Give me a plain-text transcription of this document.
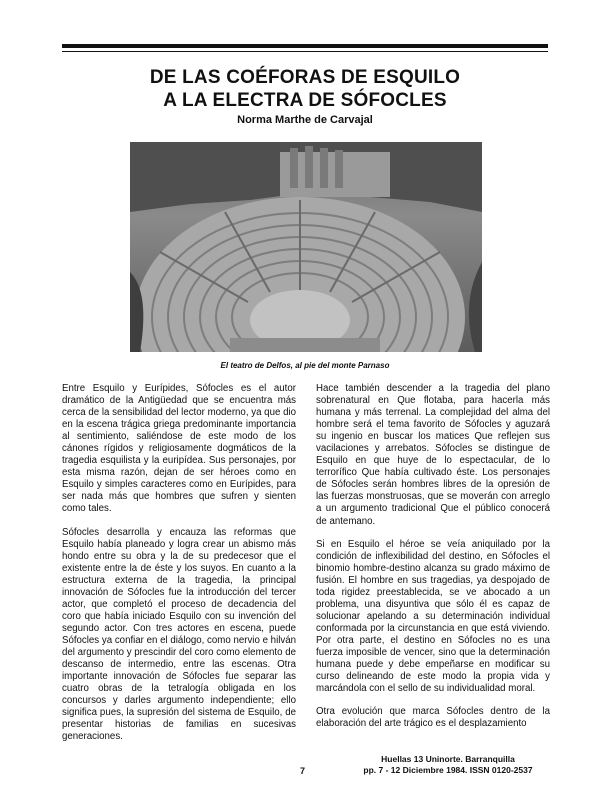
DE LAS COÉFORAS DE ESQUILO
A LA ELECTRA DE SÓFOCLES

Norma Marthe de Carvajal

El teatro de Delfos, al pie del monte Parnaso

Entre Esquilo y Eurípides, Sófocles es el autor dramático de la Antigüedad que se encuentra más cerca de la sensibilidad del lector moderno, ya que dio en la escena trágica griega predominante importancia al sentimiento, saliéndose de este modo de los cánones rígidos y religiosamente dogmáticos de la tragedia esquilista y la euripídea. Sus personajes, por esta misma razón, dejan de ser héroes como en Esquilo y simples caracteres como en Eurípides, para ser nada más que hombres que sufren y sienten como tales.

Sófocles desarrolla y encauza las reformas que Esquilo había planeado y logra crear un abismo más hondo entre su obra y la de su predecesor que el existente entre la de éste y los suyos. En cuanto a la estructura externa de la tragedia, la principal innovación de Sófocles fue la introducción del tercer actor, que completó el proceso de decadencia del coro que había iniciado Esquilo con su invención del segundo actor. Con tres actores en escena, puede Sófocles ya confiar en el diálogo, como nervio e hilván del argumento y prescindir del coro como elemento de descanso de intermedio, entre las escenas. Otra importante innovación de Sófocles fue separar las cuatro obras de la tetralogía obligada en los concursos y darles argumento independiente; ello significa pues, la supresión del sistema de Esquilo, de presentar historias de familias en sucesivas generaciones.

Hace también descender a la tragedia del plano sobrenatural en Que flotaba, para hacerla más humana y más terrenal. La complejidad del alma del hombre será el tema favorito de Sófocles y aguzará su ingenio en buscar los matices Que reflejen sus vacilaciones y arrebatos. Sófocles se distingue de Esquilo en que huye de lo espectacular, de lo terrorífico Que había cultivado éste. Los personajes de Sófocles serán hombres libres de la opresión de las fuerzas monstruosas, que se moverán con arreglo a un argumento tradicional Que el público conocerá de antemano.

Si en Esquilo el héroe se veía aniquilado por la condición de inflexibilidad del destino, en Sófocles el binomio hombre-destino alcanza su grado máximo de fusión. El hombre en sus tragedias, ya despojado de toda rigidez preestablecida, se ve abocado a un problema, una disyuntiva que sólo él es capaz de solucionar apelando a su determinación individual conformada por la circunstancia en que está viviendo. Por otra parte, el destino en Sófocles no es una fuerza imposible de vencer, sino que la determinación humana puede y debe empeñarse en modificar su curso delineando de este modo la propia vida y marcándola con el sello de su individualidad moral.

Otra evolución que marca Sófocles dentro de la elaboración del arte trágico es el desplazamiento

7

Huellas 13 Uninorte. Barranquilla
pp. 7 - 12 Diciembre 1984. ISSN 0120-2537
